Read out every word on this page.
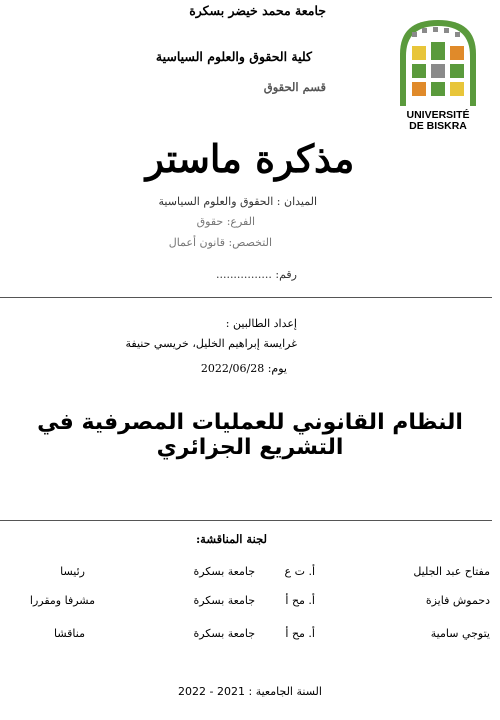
جامعة محمد خيضر بسكرة
كلية الحقوق والعلوم السياسية
قسم الحقوق
UNIVERSITÉ
DE BISKRA
مذكرة ماستر
الميدان : الحقوق والعلوم السياسية
الفرع: حقوق
التخصص: قانون أعمال
رقم: ................
إعداد الطالبين :
غرايسة إبراهيم الخليل، خريسي حنيفة
يوم: 2022/06/28
النظام القانوني للعمليات المصرفية في التشريع الجزائري
لجنة المناقشة:
مفتاح عبد الجليل
أ. ت ع
جامعة بسكرة
رئيسا
دحموش فايزة
أ. مح أ
جامعة بسكرة
مشرفا ومقررا
يتوجي سامية
أ. مح أ
جامعة بسكرة
مناقشا
السنة الجامعية : 2021 - 2022
